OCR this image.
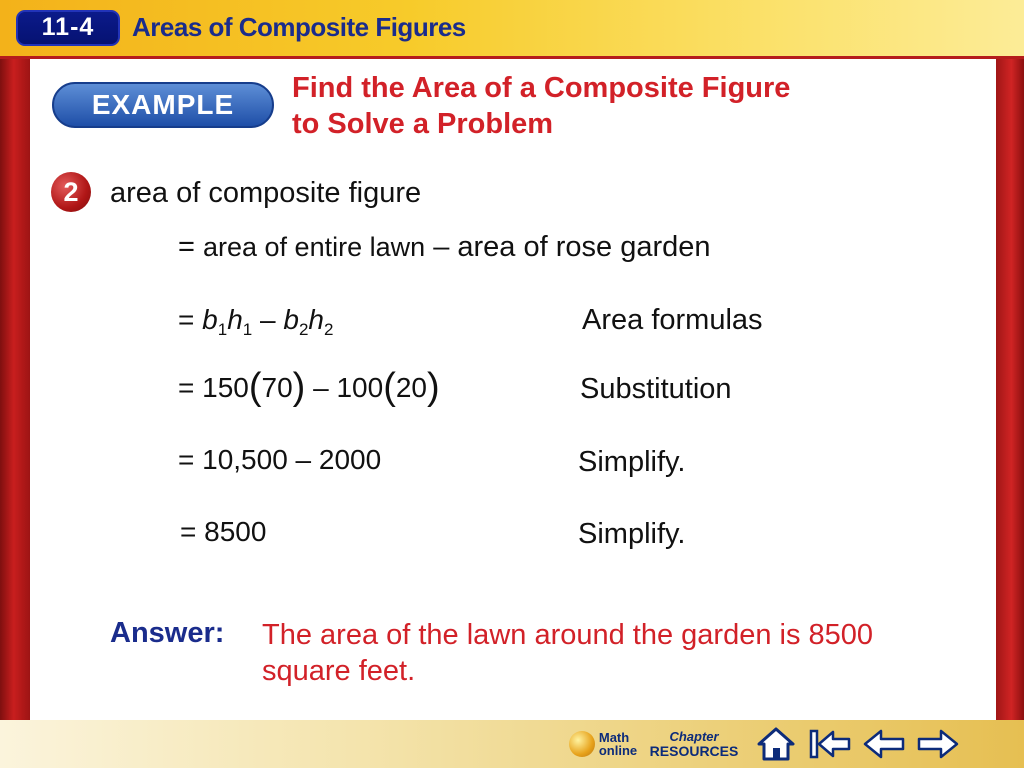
11-4	Areas of Composite Figures
EXAMPLE
Find the Area of a Composite Figure to Solve a Problem
2	area of composite figure
= area of entire lawn – area of rose garden
= $b_1h_1 - b_2h_2$	Area formulas
= 150(70) – 100(20)	Substitution
= 10,500 – 2000	Simplify.
= 8500	Simplify.
Answer: The area of the lawn around the garden is 8500 square feet.
Math
online
Chapter
RESOURCES
